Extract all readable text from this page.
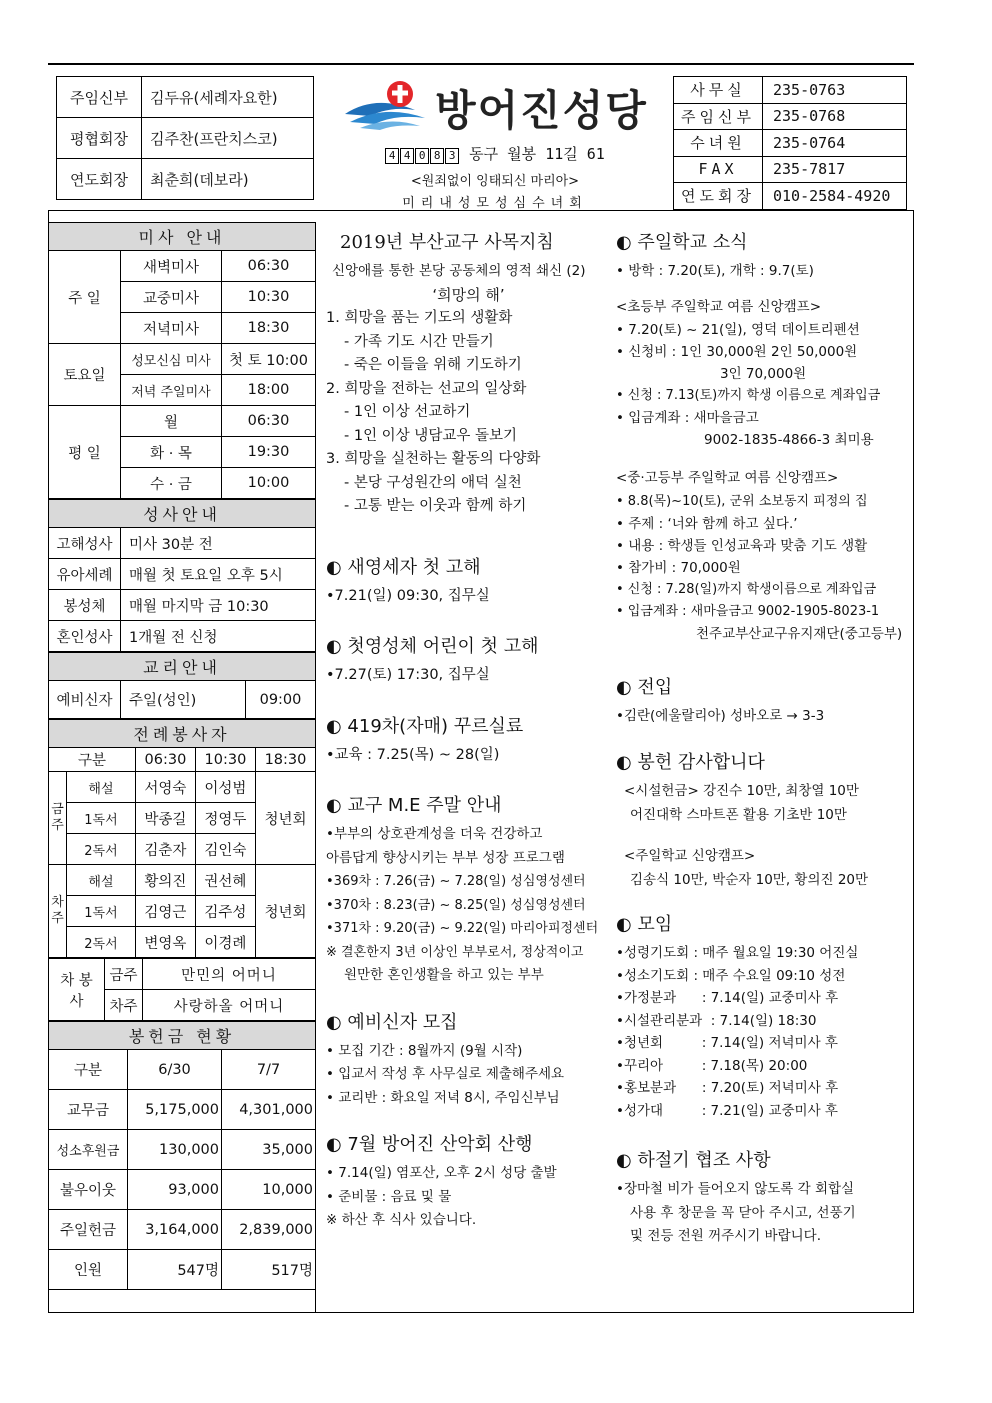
주임신부	김두유(세례자요한)
평협회장	김주찬(프란치스코)
연도회장	최춘희(데보라)
방어진성당
4 4 0 8 3 동구 월봉 11길 61
<원죄없이 잉태되신 마리아>
미리내성모성심수녀회
사무실	235-0763
주임신부	235-0768
수녀원	235-0764
FAX	235-7817
연도회장	010-2584-4920
미사 안내		
주 일	새벽미사	06:30
	교중미사	10:30
	저녁미사	18:30
토요일	성모신심 미사	첫 토 10:00
	저녁 주일미사	18:00
평 일	월	06:30
	화 · 목	19:30
	수 · 금	10:00
성사안내	
고해성사	미사 30분 전
유아세례	매월 첫 토요일 오후 5시
봉성체	매월 마지막 금 10:30
혼인성사	1개월 전 신청
교리안내
예비신자	주일(성인)	09:00
전례봉사자				
구분		06:30	10:30	18:30
금주	해설	서영숙	이성범	청년회
	1독서	박종길	정영두	
	2독서	김춘자	김인숙	
차주	해설	황의진	권선혜	청년회
	1독서	김영근	김주성	
	2독서	변영옥	이경례	
차 봉 사	금주	만민의 어머니
	차주	사랑하올 어머니
봉헌금 현황		
구분	6/30	7/7
교무금	5,175,000	4,301,000
성소후원금	130,000	35,000
불우이웃	93,000	10,000
주일헌금	3,164,000	2,839,000
인원	547명	517명
2019년 부산교구 사목지침

신앙애를 통한 본당 공동체의 영적 쇄신 (2)

‘희망의 해’

1. 희망을 품는 기도의 생활화

- 가족 기도 시간 만들기

- 죽은 이들을 위해 기도하기

2. 희망을 전하는 선교의 일상화

- 1인 이상 선교하기

- 1인 이상 냉담교우 돌보기

3. 희망을 실천하는 활동의 다양화

- 본당 구성원간의 애덕 실천

- 고통 받는 이웃과 함께 하기

◐ 새영세자 첫 고해

•7.21(일) 09:30, 집무실

◐ 첫영성체 어린이 첫 고해

•7.27(토) 17:30, 집무실

◐ 419차(자매) 꾸르실료

•교육 : 7.25(목) ~ 28(일)

◐ 교구 M.E 주말 안내

•부부의 상호관계성을 더욱 건강하고

아름답게 향상시키는 부부 성장 프로그램

•369차 : 7.26(금) ~ 7.28(일) 성심영성센터

•370차 : 8.23(금) ~ 8.25(일) 성심영성센터

•371차 : 9.20(금) ~ 9.22(일) 마리아피정센터

※ 결혼한지 3년 이상인 부부로서, 정상적이고

원만한 혼인생활을 하고 있는 부부

◐ 예비신자 모집

• 모집 기간 : 8월까지 (9월 시작)

• 입교서 작성 후 사무실로 제출해주세요

• 교리반 : 화요일 저녁 8시, 주임신부님

◐ 7월 방어진 산악회 산행

• 7.14(일) 염포산, 오후 2시 성당 출발

• 준비물 : 음료 및 물

※ 하산 후 식사 있습니다.

◐ 주일학교 소식

• 방학 : 7.20(토), 개학 : 9.7(토)

<초등부 주일학교 여름 신앙캠프>

• 7.20(토) ~ 21(일), 영덕 데이트리펜션

• 신청비 : 1인 30,000원 2인 50,000원

3인 70,000원

• 신청 : 7.13(토)까지 학생 이름으로 계좌입금

• 입금계좌 : 새마을금고

9002-1835-4866-3 최미용

<중·고등부 주일학교 여름 신앙캠프>

• 8.8(목)~10(토), 군위 소보동지 피정의 집

• 주제 : ‘너와 함께 하고 싶다.’

• 내용 : 학생들 인성교육과 맞춤 기도 생활

• 참가비 : 70,000원

• 신청 : 7.28(일)까지 학생이름으로 계좌입금

• 입금계좌 : 새마을금고 9002-1905-8023-1

천주교부산교구유지재단(중고등부)

◐ 전입

•김란(에울랄리아) 성바오로 → 3-3

◐ 봉헌 감사합니다

<시설헌금> 강진수 10만, 최창열 10만

어진대학 스마트폰 활용 기초반 10만

<주일학교 신앙캠프>

김송식 10만, 박순자 10만, 황의진 20만

◐ 모임

•성령기도회 : 매주 월요일 19:30 어진실

•성소기도회 : 매주 수요일 09:10 성전

•가정분과      : 7.14(일) 교중미사 후

•시설관리분과  : 7.14(일) 18:30

•청년회         : 7.14(일) 저녁미사 후

•꾸리아         : 7.18(목) 20:00

•홍보분과      : 7.20(토) 저녁미사 후

•성가대         : 7.21(일) 교중미사 후

◐ 하절기 협조 사항

•장마철 비가 들어오지 않도록 각 회합실

사용 후 창문을 꼭 닫아 주시고, 선풍기

및 전등 전원 꺼주시기 바랍니다.
